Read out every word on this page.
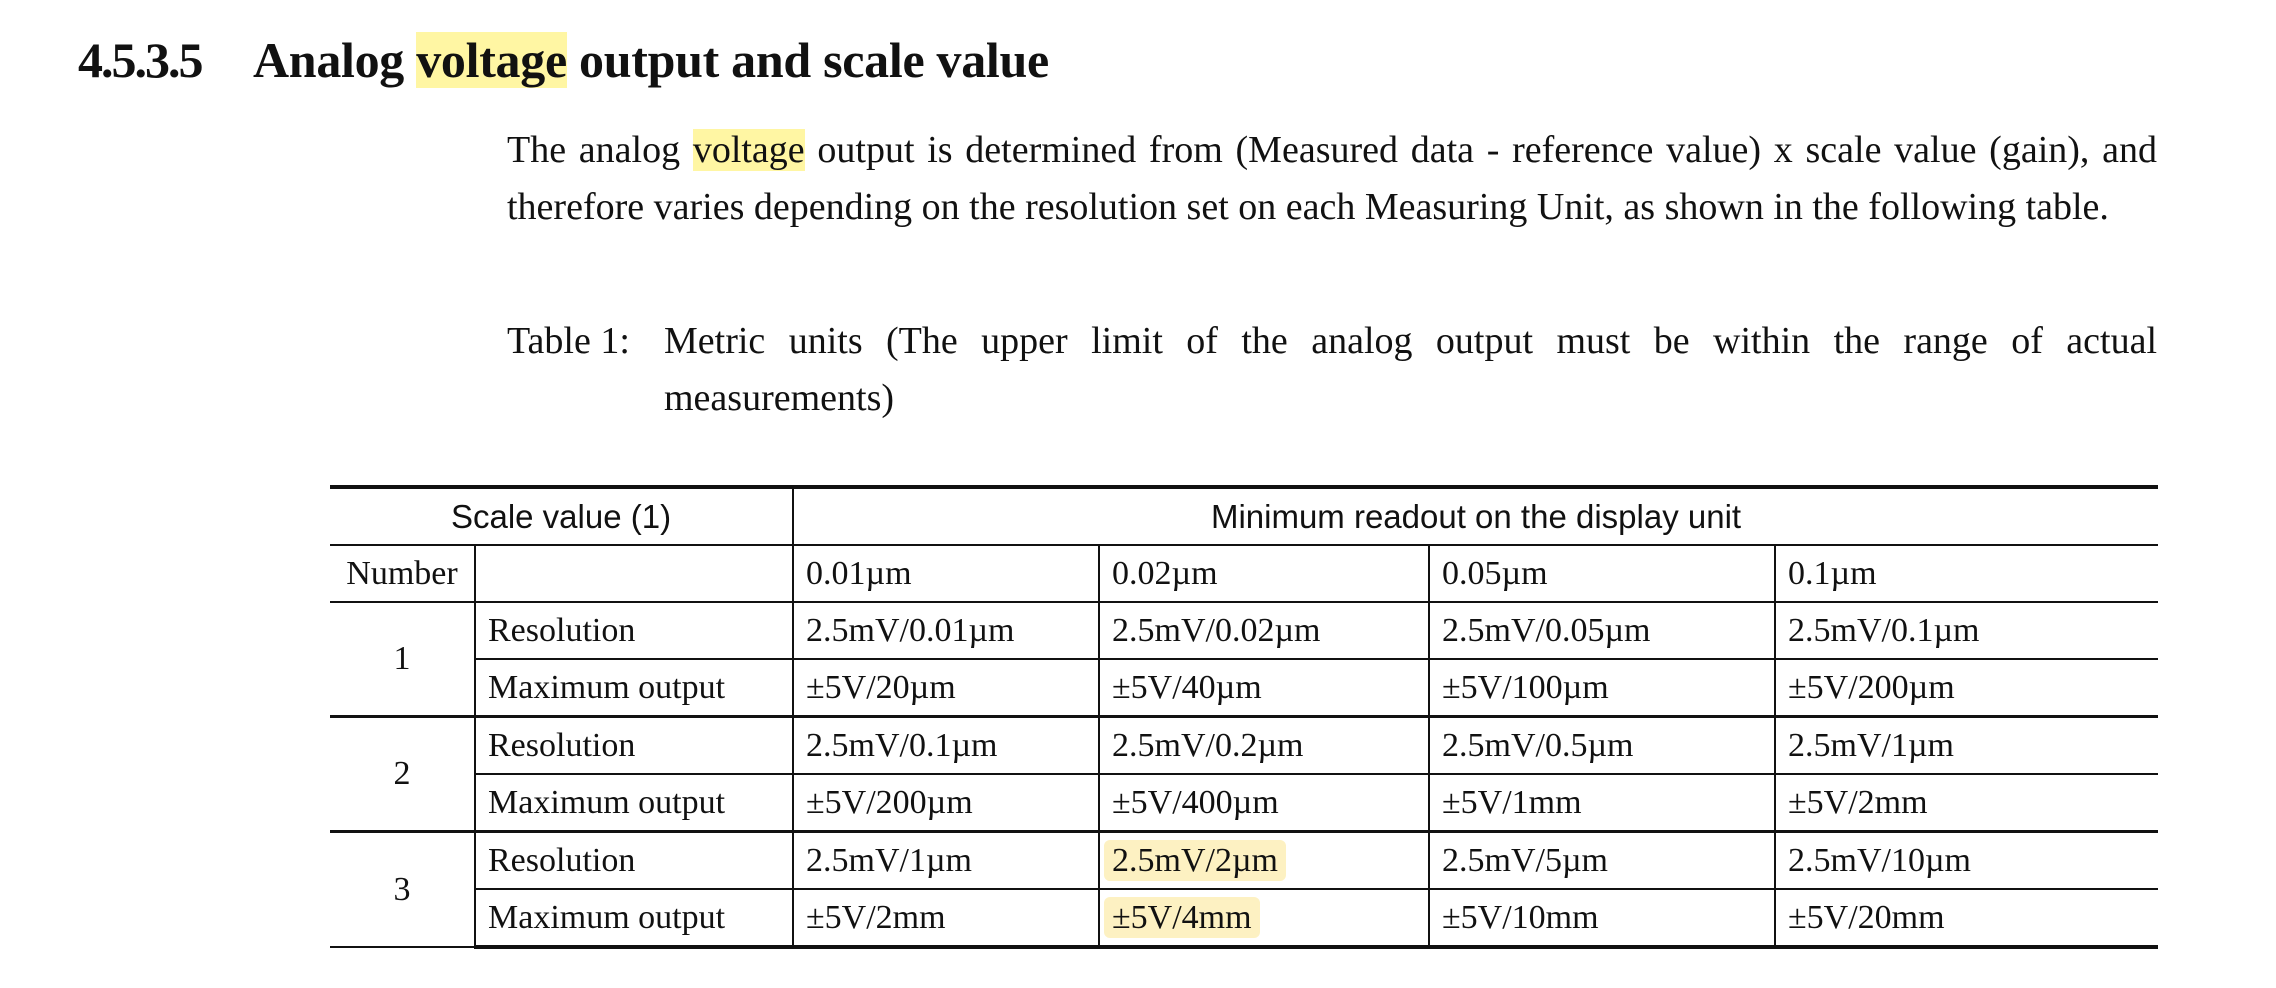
4.5.3.5 Analog voltage output and scale value
The analog voltage output is determined from (Measured data - reference value) x scale value (gain), and therefore varies depending on the resolution set on each Measuring Unit, as shown in the following table.
Table 1: Metric units (The upper limit of the analog output must be within the range of actual measurements)
Scale value (1)		Minimum readout on the display unit			
Number		0.01µm	0.02µm	0.05µm	0.1µm
1	Resolution	2.5mV/0.01µm	2.5mV/0.02µm	2.5mV/0.05µm	2.5mV/0.1µm
	Maximum output	±5V/20µm	±5V/40µm	±5V/100µm	±5V/200µm
2	Resolution	2.5mV/0.1µm	2.5mV/0.2µm	2.5mV/0.5µm	2.5mV/1µm
	Maximum output	±5V/200µm	±5V/400µm	±5V/1mm	±5V/2mm
3	Resolution	2.5mV/1µm	2.5mV/2µm	2.5mV/5µm	2.5mV/10µm
	Maximum output	±5V/2mm	±5V/4mm	±5V/10mm	±5V/20mm
